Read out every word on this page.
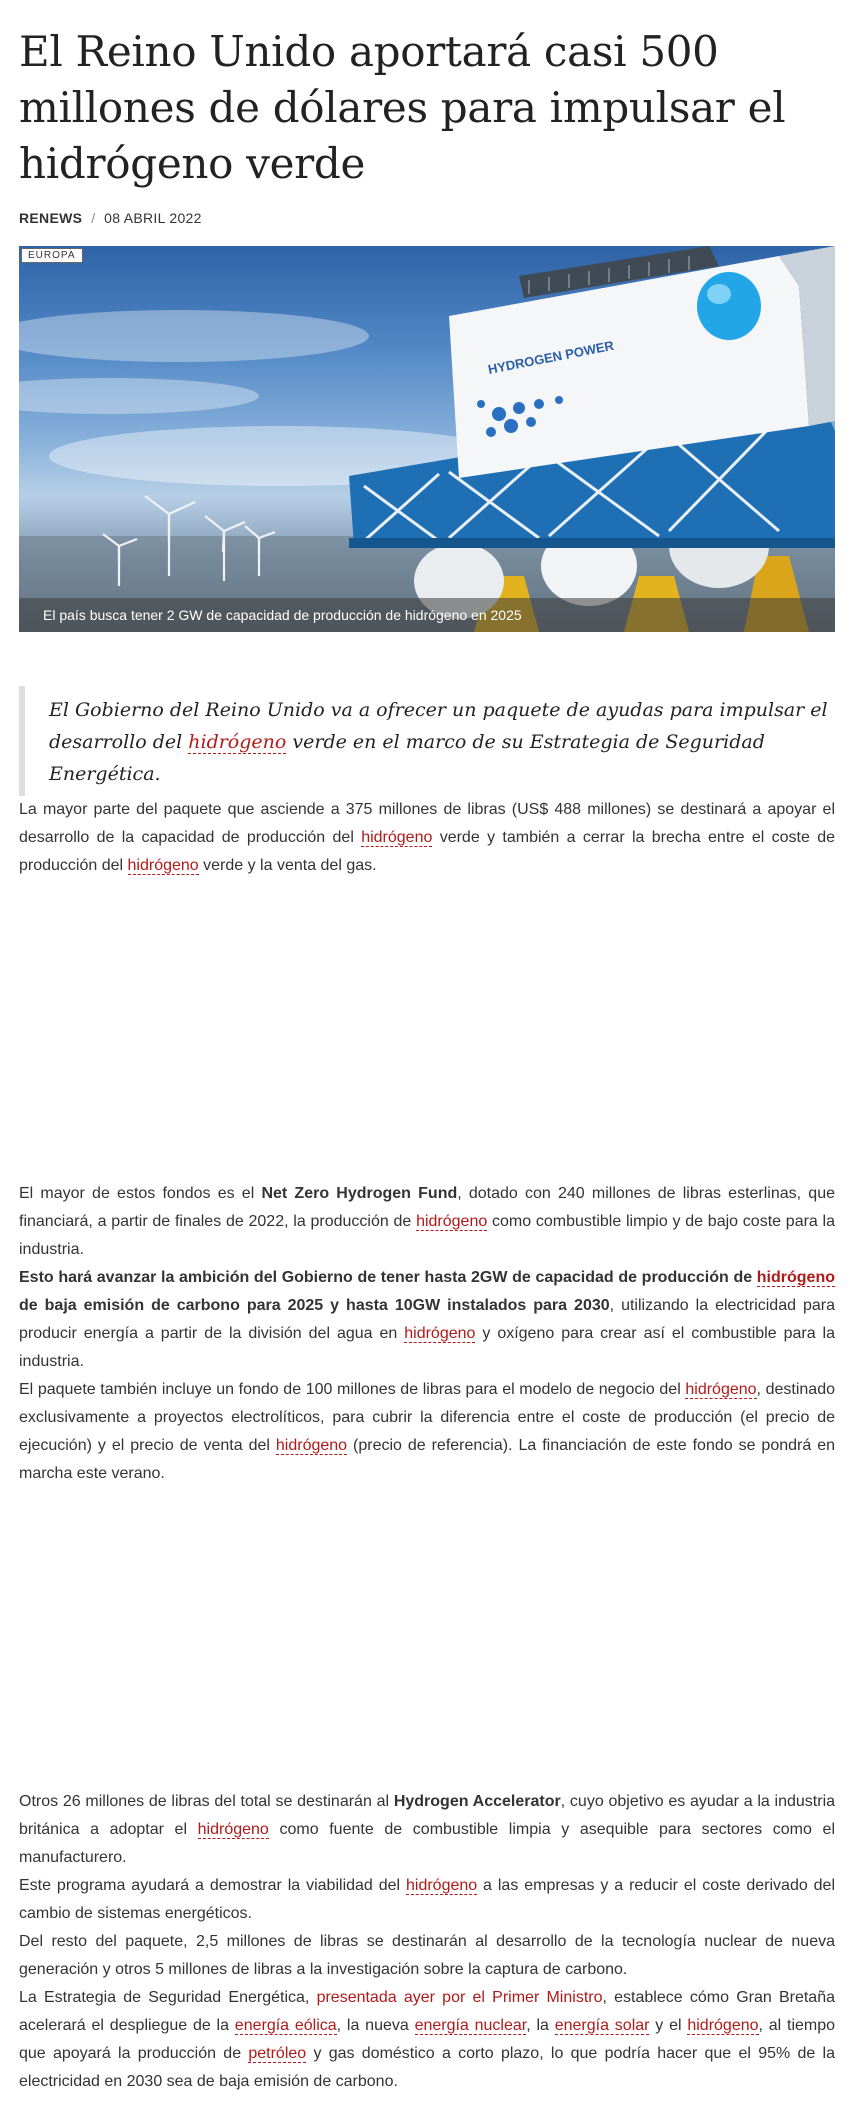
El Reino Unido aportará casi 500 millones de dólares para impulsar el hidrógeno verde
RENEWS / 08 ABRIL 2022
HYDROGEN POWER
EUROPA
El país busca tener 2 GW de capacidad de producción de hidrógeno en 2025

El Gobierno del Reino Unido va a ofrecer un paquete de ayudas para impulsar el desarrollo del hidrógeno verde en el marco de su Estrategia de Seguridad Energética.

La mayor parte del paquete que asciende a 375 millones de libras (US$ 488 millones) se destinará a apoyar el desarrollo de la capacidad de producción del hidrógeno verde y también a cerrar la brecha entre el coste de producción del hidrógeno verde y la venta del gas.

El mayor de estos fondos es el Net Zero Hydrogen Fund, dotado con 240 millones de libras esterlinas, que financiará, a partir de finales de 2022, la producción de hidrógeno como combustible limpio y de bajo coste para la industria.

Esto hará avanzar la ambición del Gobierno de tener hasta 2GW de capacidad de producción de hidrógeno de baja emisión de carbono para 2025 y hasta 10GW instalados para 2030, utilizando la electricidad para producir energía a partir de la división del agua en hidrógeno y oxígeno para crear así el combustible para la industria.

El paquete también incluye un fondo de 100 millones de libras para el modelo de negocio del hidrógeno, destinado exclusivamente a proyectos electrolíticos, para cubrir la diferencia entre el coste de producción (el precio de ejecución) y el precio de venta del hidrógeno (precio de referencia). La financiación de este fondo se pondrá en marcha este verano.

Otros 26 millones de libras del total se destinarán al Hydrogen Accelerator, cuyo objetivo es ayudar a la industria británica a adoptar el hidrógeno como fuente de combustible limpia y asequible para sectores como el manufacturero.

Este programa ayudará a demostrar la viabilidad del hidrógeno a las empresas y a reducir el coste derivado del cambio de sistemas energéticos.

Del resto del paquete, 2,5 millones de libras se destinarán al desarrollo de la tecnología nuclear de nueva generación y otros 5 millones de libras a la investigación sobre la captura de carbono.

La Estrategia de Seguridad Energética, presentada ayer por el Primer Ministro, establece cómo Gran Bretaña acelerará el despliegue de la energía eólica, la nueva energía nuclear, la energía solar y el hidrógeno, al tiempo que apoyará la producción de petróleo y gas doméstico a corto plazo, lo que podría hacer que el 95% de la electricidad en 2030 sea de baja emisión de carbono.
